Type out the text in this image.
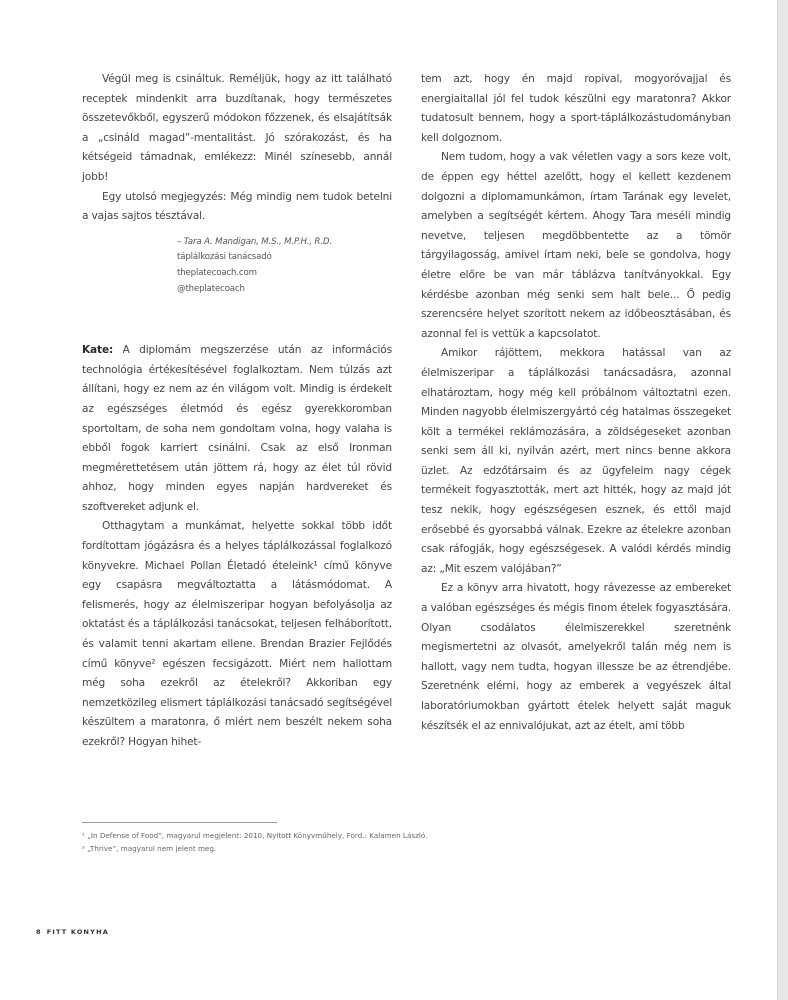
Végül meg is csináltuk. Reméljük, hogy az itt található receptek mindenkit arra buzdítanak, hogy természetes összetevőkből, egyszerű módokon főzzenek, és elsajátítsák a „csináld magad”-mentalitást. Jó szórakozást, és ha kétségeid támadnak, emlékezz: Minél színesebb, annál jobb!

Egy utolsó megjegyzés: Még mindig nem tudok betelni a vajas sajtos tésztával.

– Tara A. Mandigan, M.S., M.P.H., R.D.
táplálkozási tanácsadó
theplatecoach.com
@theplatecoach

Kate: A diplomám megszerzése után az információs technológia értékesítésével foglalkoztam. Nem túlzás azt állítani, hogy ez nem az én világom volt. Mindig is érdekelt az egészséges életmód és egész gyerekkoromban sportoltam, de soha nem gondoltam volna, hogy valaha is ebből fogok karriert csinálni. Csak az első Ironman megmérettetésem után jöttem rá, hogy az élet túl rövid ahhoz, hogy minden egyes napján hardvereket és szoftvereket adjunk el.

Otthagytam a munkámat, helyette sokkal több időt fordítottam jógázásra és a helyes táplálkozással foglalkozó könyvekre. Michael Pollan Életadó ételeink¹ című könyve egy csapásra megváltoztatta a látásmódomat. A felismerés, hogy az élelmiszeripar hogyan befolyásolja az oktatást és a táplálkozási tanácsokat, teljesen felháborított, és valamit tenni akartam ellene. Brendan Brazier Fejlődés című könyve² egészen fecsigázott. Miért nem hallottam még soha ezekről az ételekről? Akkoriban egy nemzetközileg elismert táplálkozási tanácsadó segítségével készültem a maratonra, ő miért nem beszélt nekem soha ezekről? Hogyan hihet-

tem azt, hogy én majd ropival, mogyoróvajjal és energiaitallal jól fel tudok készülni egy maratonra? Akkor tudatosult bennem, hogy a sport-táplálkozástudományban kell dolgoznom.

Nem tudom, hogy a vak véletlen vagy a sors keze volt, de éppen egy héttel azelőtt, hogy el kellett kezdenem dolgozni a diplomamunkámon, írtam Tarának egy levelet, amelyben a segítségét kértem. Ahogy Tara meséli mindig nevetve, teljesen megdöbbentette az a tömör tárgyilagosság, amivel írtam neki, bele se gondolva, hogy életre előre be van már táblázva tanítványokkal. Egy kérdésbe azonban még senki sem halt bele... Ő pedig szerencsére helyet szorított nekem az időbeosztásában, és azonnal fel is vettük a kapcsolatot.

Amikor rájöttem, mekkora hatással van az élelmiszeripar a táplálkozási tanácsadásra, azonnal elhatároztam, hogy még kell próbálnom változtatni ezen. Minden nagyobb élelmiszergyártó cég hatalmas összegeket költ a termékei reklámozására, a zöldségeseket azonban senki sem áll ki, nyilván azért, mert nincs benne akkora üzlet. Az edzőtársaim és az ügyfeleim nagy cégek termékeit fogyasztották, mert azt hitték, hogy az majd jót tesz nekik, hogy egészségesen esznek, és ettől majd erősebbé és gyorsabbá válnak. Ezekre az ételekre azonban csak ráfogják, hogy egészségesek. A valódi kérdés mindig az: „Mit eszem valójában?”

Ez a könyv arra hivatott, hogy rávezesse az embereket a valóban egészséges és mégis finom ételek fogyasztására. Olyan csodálatos élelmiszerekkel szeretnénk megismertetni az olvasót, amelyekről talán még nem is hallott, vagy nem tudta, hogyan illessze be az étrendjébe. Szeretnénk elérni, hogy az emberek a vegyészek által laboratóriumokban gyártott ételek helyett saját maguk készítsék el az ennivalójukat, azt az ételt, ami több

¹ „In Defense of Food”, magyarul megjelent: 2010, Nyitott Könyvműhely, Ford.: Kalamen László.
² „Thrive”, magyarul nem jelent meg.
8 FITT KONYHA
